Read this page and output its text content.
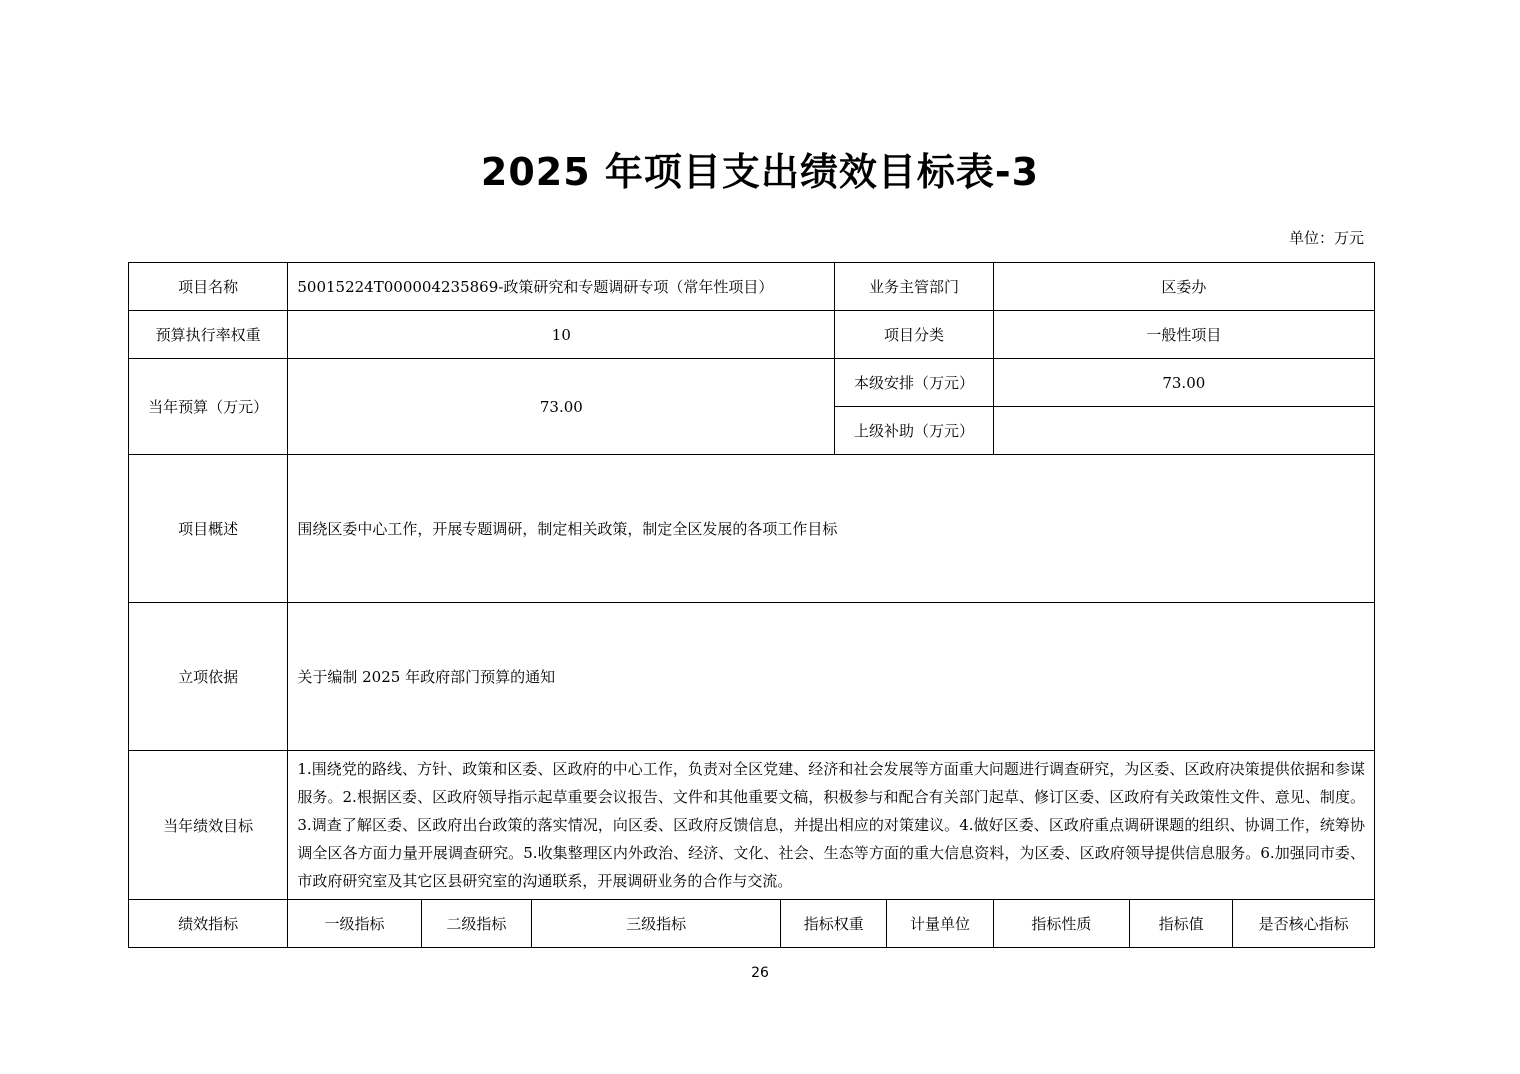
2025 年项目支出绩效目标表-3
单位：万元
项目名称	50015224T000004235869-政策研究和专题调研专项（常年性项目）				业务主管部门		区委办		
预算执行率权重	10				项目分类		一般性项目		
当年预算（万元）	73.00				本级安排（万元）		73.00		
					上级补助（万元）				
项目概述	围绕区委中心工作，开展专题调研，制定相关政策，制定全区发展的各项工作目标								
立项依据	关于编制 2025 年政府部门预算的通知								
当年绩效目标	1.围绕党的路线、方针、政策和区委、区政府的中心工作，负责对全区党建、经济和社会发展等方面重大问题进行调查研究，为区委、区政府决策提供依据和参谋服务。2.根据区委、区政府领导指示起草重要会议报告、文件和其他重要文稿，积极参与和配合有关部门起草、修订区委、区政府有关政策性文件、意见、制度。3.调查了解区委、区政府出台政策的落实情况，向区委、区政府反馈信息，并提出相应的对策建议。4.做好区委、区政府重点调研课题的组织、协调工作，统筹协调全区各方面力量开展调查研究。5.收集整理区内外政治、经济、文化、社会、生态等方面的重大信息资料，为区委、区政府领导提供信息服务。6.加强同市委、市政府研究室及其它区县研究室的沟通联系，开展调研业务的合作与交流。								
绩效指标	一级指标	二级指标	三级指标	指标权重		计量单位	指标性质	指标值	是否核心指标
26
